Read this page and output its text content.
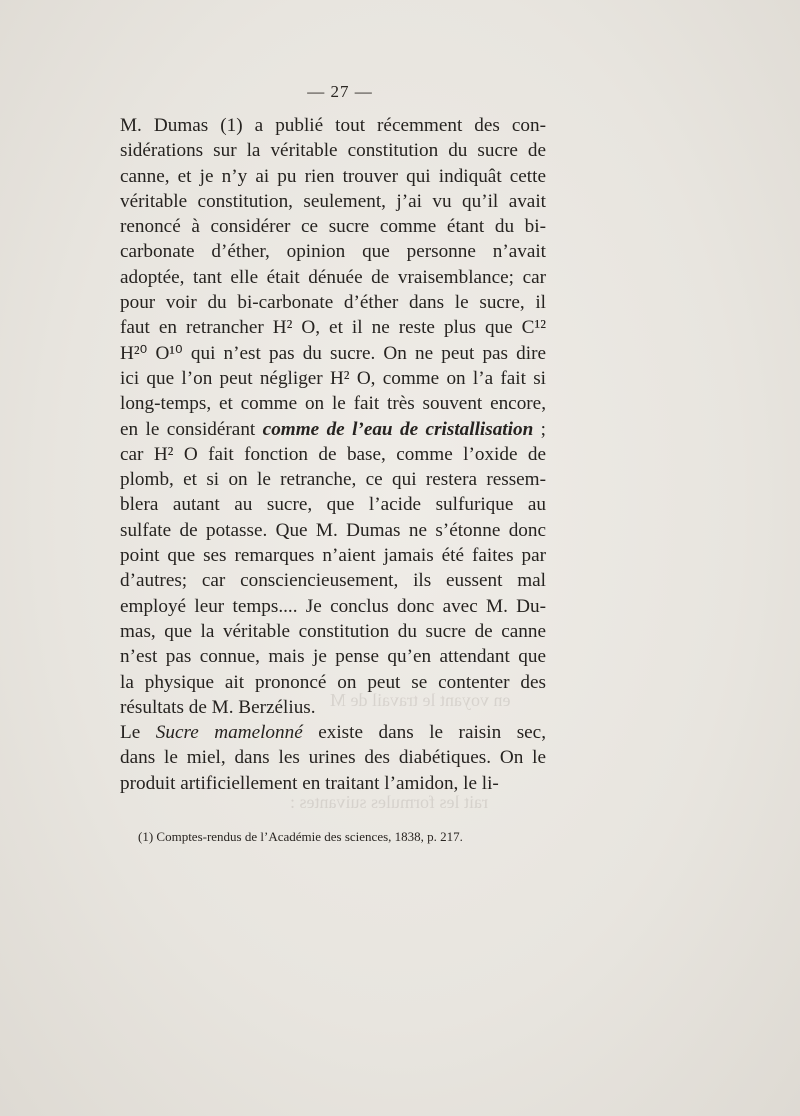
en voyant le travail de M
rait les formules suivantes :
— 27 —
M. Dumas (1) a publié tout récemment des con-
sidérations sur la véritable constitution du sucre de
canne, et je n’y ai pu rien trouver qui indiquât cette
véritable constitution, seulement, j’ai vu qu’il avait
renoncé à considérer ce sucre comme étant du bi-
carbonate d’éther, opinion que personne n’avait
adoptée, tant elle était dénuée de vraisemblance; car
pour voir du bi-carbonate d’éther dans le sucre, il
faut en retrancher H² O, et il ne reste plus que C¹²
H²⁰ O¹⁰ qui n’est pas du sucre. On ne peut pas dire
ici que l’on peut négliger H² O, comme on l’a fait si
long-temps, et comme on le fait très souvent encore,
en le considérant comme de l’eau de cristallisation ;
car H² O fait fonction de base, comme l’oxide de
plomb, et si on le retranche, ce qui restera ressem-
blera autant au sucre, que l’acide sulfurique au
sulfate de potasse. Que M. Dumas ne s’étonne donc
point que ses remarques n’aient jamais été faites par
d’autres; car consciencieusement, ils eussent mal
employé leur temps.... Je conclus donc avec M. Du-
mas, que la véritable constitution du sucre de canne
n’est pas connue, mais je pense qu’en attendant que
la physique ait prononcé on peut se contenter des
résultats de M. Berzélius.
Le Sucre mamelonné existe dans le raisin sec,
dans le miel, dans les urines des diabétiques. On le
produit artificiellement en traitant l’amidon, le li-
(1) Comptes-rendus de l’Académie des sciences, 1838, p. 217.
